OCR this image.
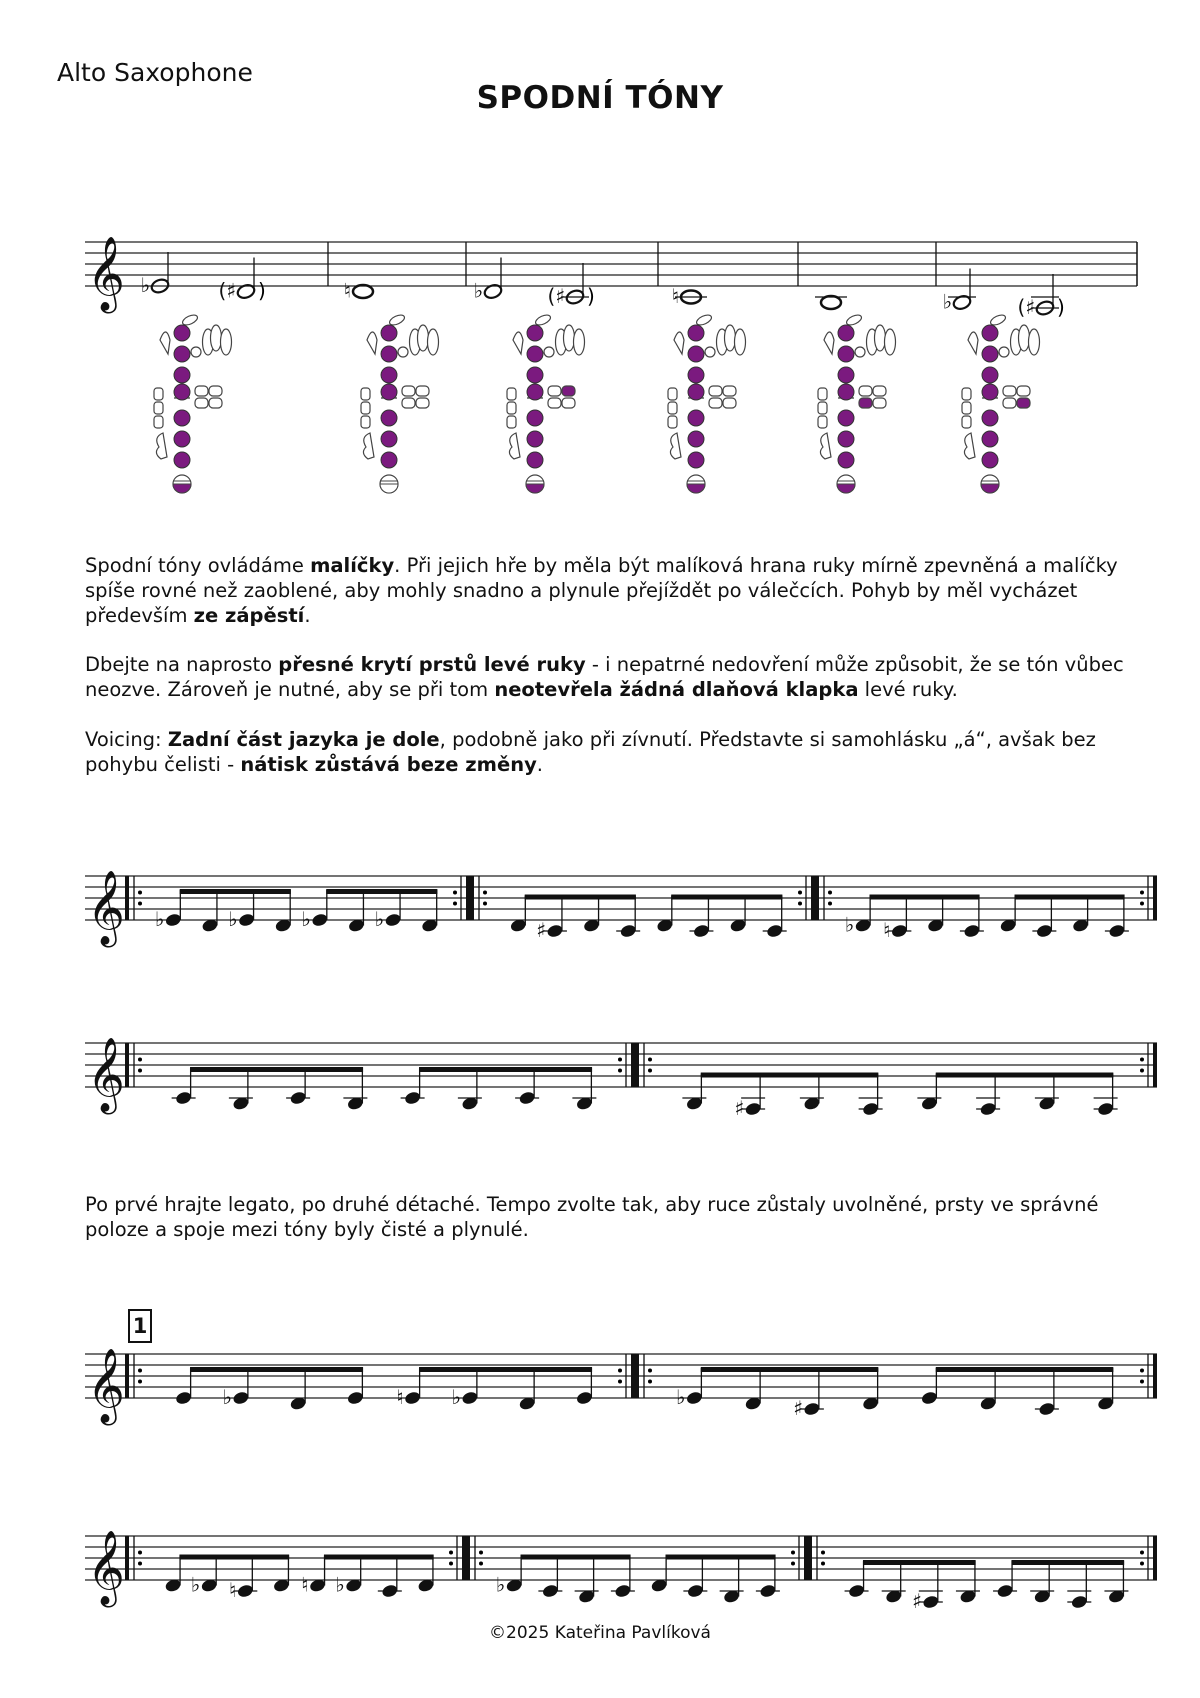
Alto Saxophone
SPODNÍ TÓNY
𝄞 ♭	(♯ )	♮	♭	(♯ )	♮	♭	(♯ )
𝄞 ♭	♭	♭	♭	♯	♭ ♮
𝄞	♯
𝄞	♭	♮ ♭	♭	♯
𝄞	♭ ♮	♮ ♭	♭
♯
E♭
Spodní tóny ovládáme malíčky. Při jejich hře by měla být malíková hrana ruky mírně zpevněná a malíčky spíše rovné než zaoblené, aby mohly snadno a plynule přejíždět po válečcích. Pohyb by měl vycházet především ze zápěstí.
Dbejte na naprosto přesné krytí prstů levé ruky - i nepatrné nedovření může způsobit, že se tón vůbec neozve. Zároveň je nutné, aby se při tom neotevřela žádná dlaňová klapka levé ruky.
Voicing: Zadní část jazyka je dole, podobně jako při zívnutí. Představte si samohlásku „á“, avšak bez pohybu čelisti - nátisk zůstává beze změny.
Po prvé hrajte legato, po druhé détaché. Tempo zvolte tak, aby ruce zůstaly uvolněné, prsty ve správné poloze a spoje mezi tóny byly čisté a plynulé.
1
©2025 Kateřina Pavlíková
